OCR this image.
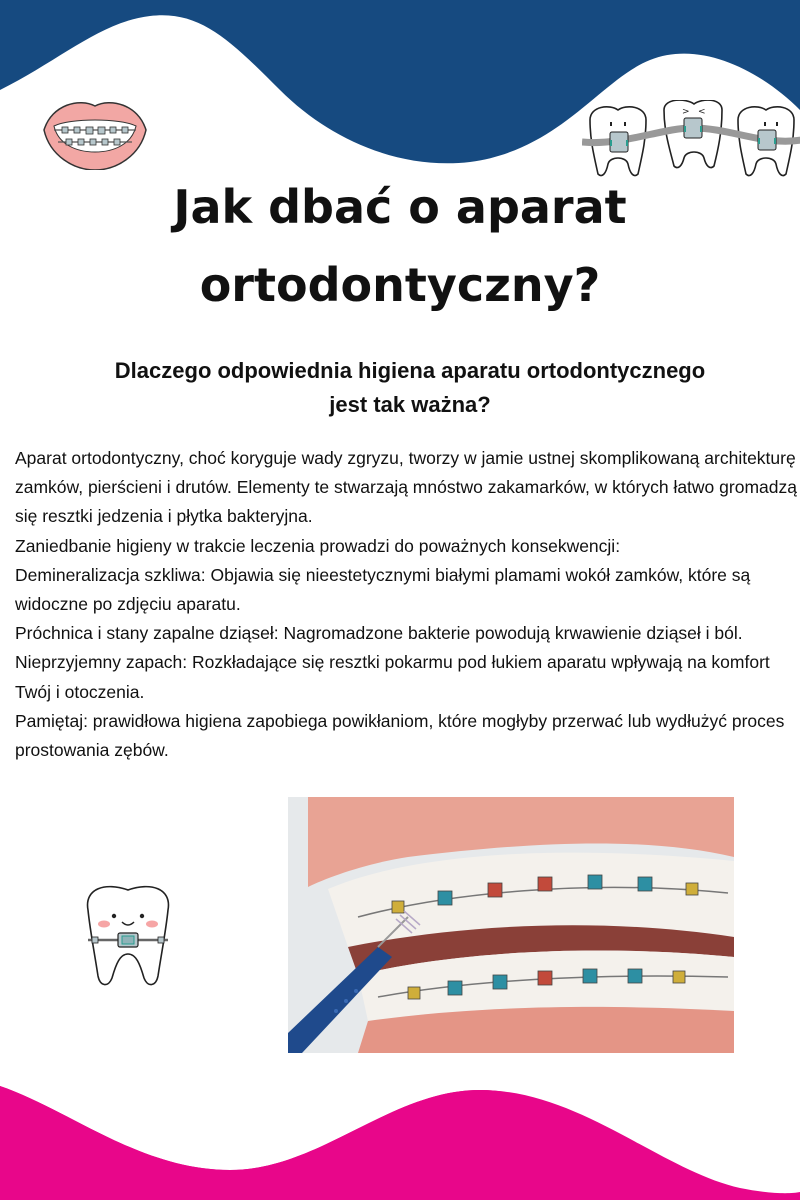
> <
Jak dbać o aparat
ortodontyczny?
Dlaczego odpowiednia higiena aparatu ortodontycznego
jest tak ważna?

Aparat ortodontyczny, choć koryguje wady zgryzu, tworzy w jamie ustnej skomplikowaną architekturę zamków, pierścieni i drutów. Elementy te stwarzają mnóstwo zakamarków, w których łatwo gromadzą się resztki jedzenia i płytka bakteryjna.

Zaniedbanie higieny w trakcie leczenia prowadzi do poważnych konsekwencji:

Demineralizacja szkliwa: Objawia się nieestetycznymi białymi plamami wokół zamków, które są widoczne po zdjęciu aparatu.

Próchnica i stany zapalne dziąseł: Nagromadzone bakterie powodują krwawienie dziąseł i ból.

Nieprzyjemny zapach: Rozkładające się resztki pokarmu pod łukiem aparatu wpływają na komfort Twój i otoczenia.

Pamiętaj: prawidłowa higiena zapobiega powikłaniom, które mogłyby przerwać lub wydłużyć proces prostowania zębów.
